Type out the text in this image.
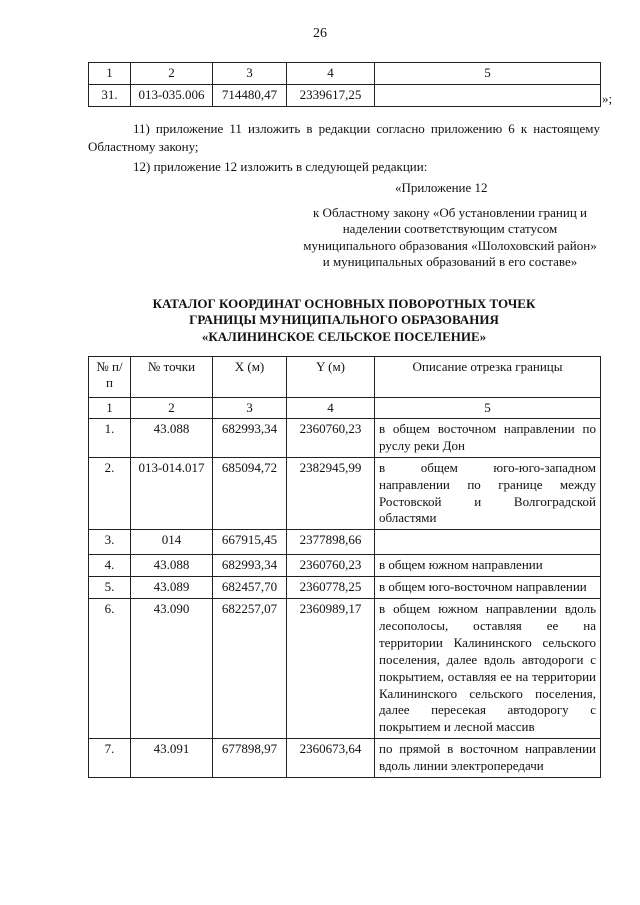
26
1	2	3	4	5
31.	013-035.006	714480,47	2339617,25		»;
11) приложение 11 изложить в редакции согласно приложению 6 к настоящему Областному закону;
12) приложение 12 изложить в следующей редакции:
«Приложение 12
к Областному закону «Об установлении границ и наделении соответствующим статусом муниципального образования «Шолоховский район» и муниципальных образований в его составе»
КАТАЛОГ КООРДИНАТ ОСНОВНЫХ ПОВОРОТНЫХ ТОЧЕК
ГРАНИЦЫ МУНИЦИПАЛЬНОГО ОБРАЗОВАНИЯ
«КАЛИНИНСКОЕ СЕЛЬСКОЕ ПОСЕЛЕНИЕ»
№ п/п	№ точки	X (м)	Y (м)	Описание отрезка границы
1	2	3	4	5
1.	43.088	682993,34	2360760,23	в общем восточном направлении по руслу реки Дон
2.	013-014.017	685094,72	2382945,99	в общем юго-юго-западном направлении по границе между Ростовской и Волгоградской областями
3.	014	667915,45	2377898,66	
4.	43.088	682993,34	2360760,23	в общем южном направлении
5.	43.089	682457,70	2360778,25	в общем юго-восточном направлении
6.	43.090	682257,07	2360989,17	в общем южном направлении вдоль лесополосы, оставляя ее на территории Калининского сельского поселения, далее вдоль автодороги с покрытием, оставляя ее на территории Калининского сельского поселения, далее пересекая автодорогу с покрытием и лесной массив
7.	43.091	677898,97	2360673,64	по прямой в восточном направлении вдоль линии электропередачи
